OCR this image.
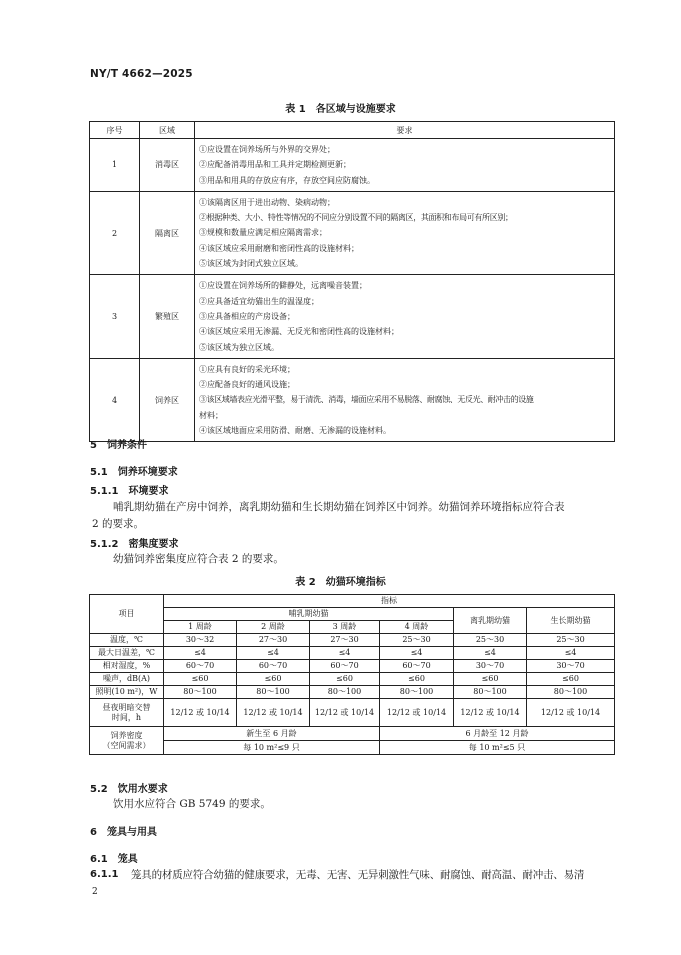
NY/T 4662—2025
表 1　各区域与设施要求
序号	区域	要求
1	消毒区	①应设置在饲养场所与外界的交界处；
②应配备消毒用品和工具并定期检测更新；
③用品和用具的存放应有序，存放空间应防腐蚀。

2	隔离区	①该隔离区用于进出动物、染病动物；
②根据种类、大小、特性等情况的不同应分别设置不同的隔离区，其面积和布局可有所区别；
③规模和数量应满足相应隔离需求；
④该区域应采用耐磨和密闭性高的设施材料；
⑤该区域为封闭式独立区域。

3	繁殖区	①应设置在饲养场所的僻静处，远离噪音装置；
②应具备适宜幼猫出生的温湿度；
③应具备相应的产房设备；
④该区域应采用无渗漏、无反光和密闭性高的设施材料；
⑤该区域为独立区域。

4	饲养区	①应具有良好的采光环境；
②应配备良好的通风设施；
③该区域墙表应光滑平整，易于清洗、消毒，墙面应采用不易脱落、耐腐蚀、无反光、耐冲击的设施
材料；
④该区域地面应采用防滑、耐磨、无渗漏的设施材料。
5　饲养条件
5.1　饲养环境要求
5.1.1　环境要求
哺乳期幼猫在产房中饲养，离乳期幼猫和生长期幼猫在饲养区中饲养。幼猫饲养环境指标应符合表
2 的要求。
5.1.2　密集度要求
幼猫饲养密集度应符合表 2 的要求。
表 2　幼猫环境指标
项目	指标					
	哺乳期幼猫				离乳期幼猫	生长期幼猫
	1 周龄	2 周龄	3 周龄	4 周龄		
温度，℃	30～32	27～30	27～30	25～30	25～30	25～30
最大日温差，℃	≤4	≤4	≤4	≤4	≤4	≤4
相对湿度，%	60～70	60～70	60～70	60～70	30～70	30～70
噪声，dB(A)	≤60	≤60	≤60	≤60	≤60	≤60
照明(10 m²)，W	80～100	80～100	80～100	80～100	80～100	80～100

昼夜明暗交替
时间，h	12/12 或 10/14	12/12 或 10/14	12/12 或 10/14	12/12 或 10/14	12/12 或 10/14	12/12 或 10/14

饲养密度
（空间需求）	新生至 6 月龄			6 月龄至 12 月龄		
	每 10 m²≤9 只			每 10 m²≤5 只		
5.2　饮用水要求
饮用水应符合 GB 5749 的要求。
6　笼具与用具
6.1　笼具
6.1.1 笼具的材质应符合幼猫的健康要求，无毒、无害、无异刺激性气味、耐腐蚀、耐高温、耐冲击、易清
2
